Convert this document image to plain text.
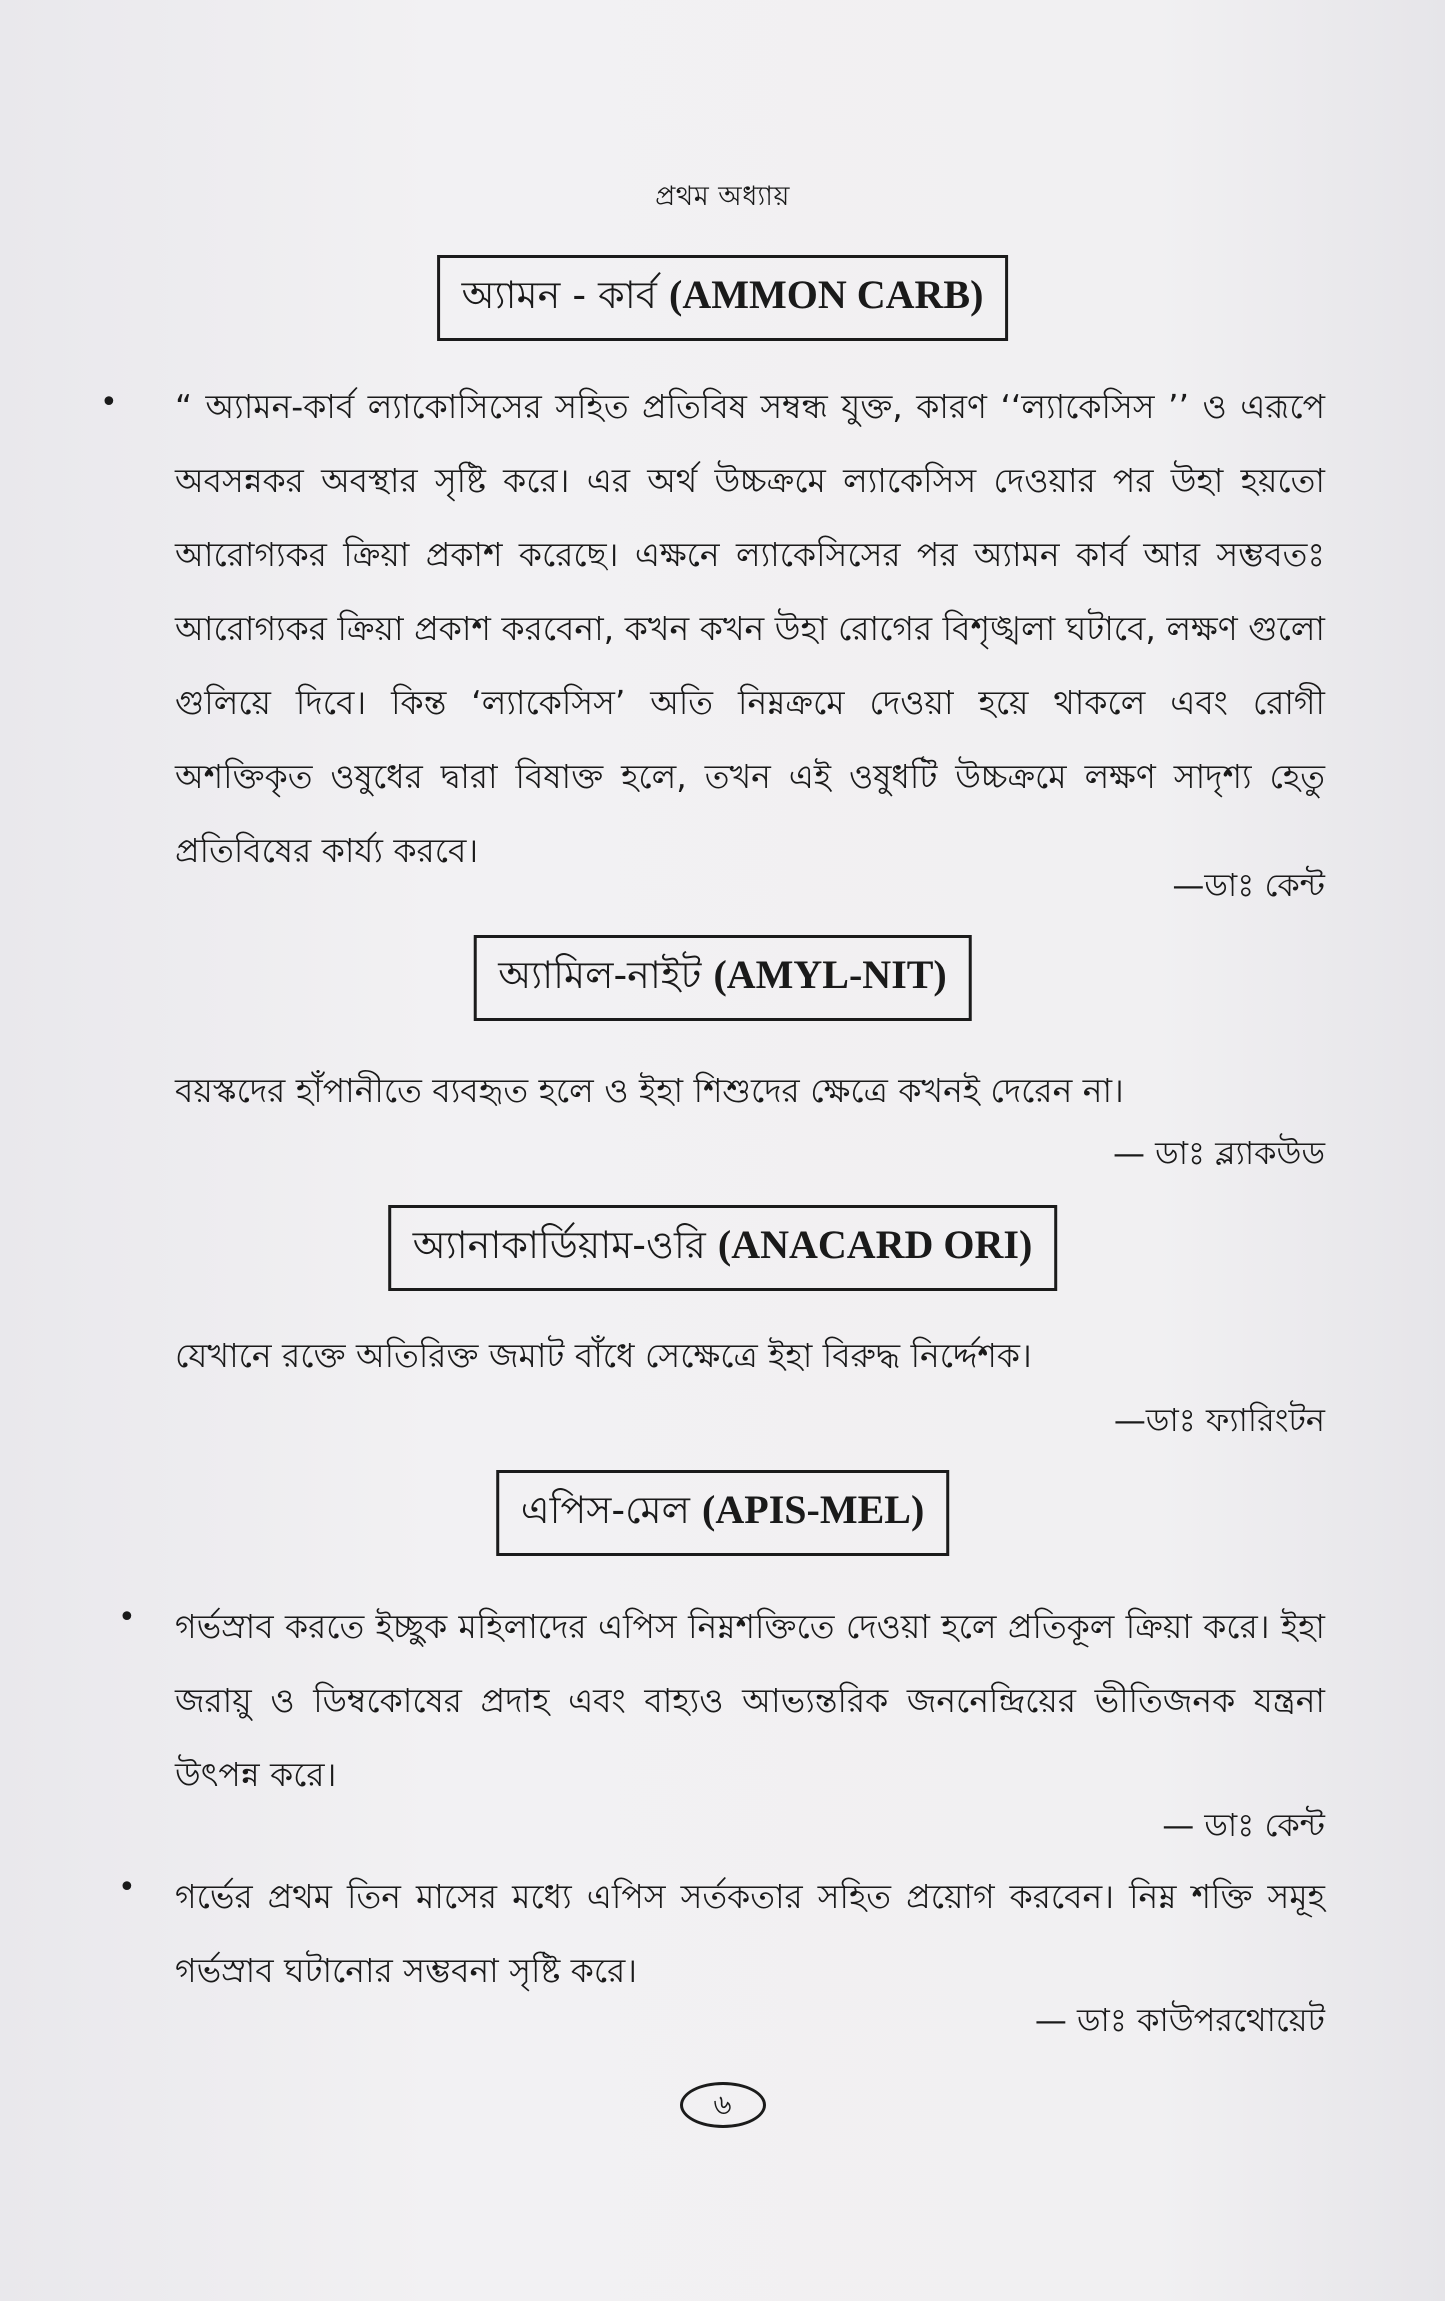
প্রথম অধ্যায়
অ্যামন - কার্ব (AMMON CARB)
• “ অ্যামন-কার্ব ল্যাকোসিসের সহিত প্রতিবিষ সম্বন্ধ যুক্ত, কারণ ‘‘ল্যাকেসিস ’’ ও এরূপে অবসন্নকর অবস্থার সৃষ্টি করে। এর অর্থ উচ্চক্রমে ল্যাকেসিস দেওয়ার পর উহা হয়তো আরোগ্যকর ক্রিয়া প্রকাশ করেছে। এক্ষনে ল্যাকেসিসের পর অ্যামন কার্ব আর সম্ভবতঃ আরোগ্যকর ক্রিয়া প্রকাশ করবেনা, কখন কখন উহা রোগের বিশৃঙ্খলা ঘটাবে, লক্ষণ গুলো গুলিয়ে দিবে। কিন্ত ‘ল্যাকেসিস’ অতি নিম্নক্রমে দেওয়া হয়ে থাকলে এবং রোগী অশক্তিকৃত ওষুধের দ্বারা বিষাক্ত হলে, তখন এই ওষুধটি উচ্চক্রমে লক্ষণ সাদৃশ্য হেতু প্রতিবিষের কার্য্য করবে।
—ডাঃ কেন্ট
অ্যামিল-নাইট (AMYL-NIT)
বয়স্কদের হাঁপানীতে ব্যবহৃত হলে ও ইহা শিশুদের ক্ষেত্রে কখনই দেরেন না।
— ডাঃ ব্ল্যাকউড
অ্যানাকার্ডিয়াম-ওরি (ANACARD ORI)
যেখানে রক্তে অতিরিক্ত জমাট বাঁধে সেক্ষেত্রে ইহা বিরুদ্ধ নির্দ্দেশক।
—ডাঃ ফ্যারিংটন
এপিস-মেল (APIS-MEL)
• গর্ভস্রাব করতে ইচ্ছুক মহিলাদের এপিস নিম্নশক্তিতে দেওয়া হলে প্রতিকূল ক্রিয়া করে। ইহা জরায়ু ও ডিম্বকোষের প্রদাহ এবং বাহ্যও আভ্যন্তরিক জননেন্দ্রিয়ের ভীতিজনক যন্ত্রনা উৎপন্ন করে।
— ডাঃ কেন্ট
• গর্ভের প্রথম তিন মাসের মধ্যে এপিস সর্তকতার সহিত প্রয়োগ করবেন। নিম্ন শক্তি সমূহ গর্ভস্রাব ঘটানোর সম্ভবনা সৃষ্টি করে।
— ডাঃ কাউপরথোয়েট
৬
